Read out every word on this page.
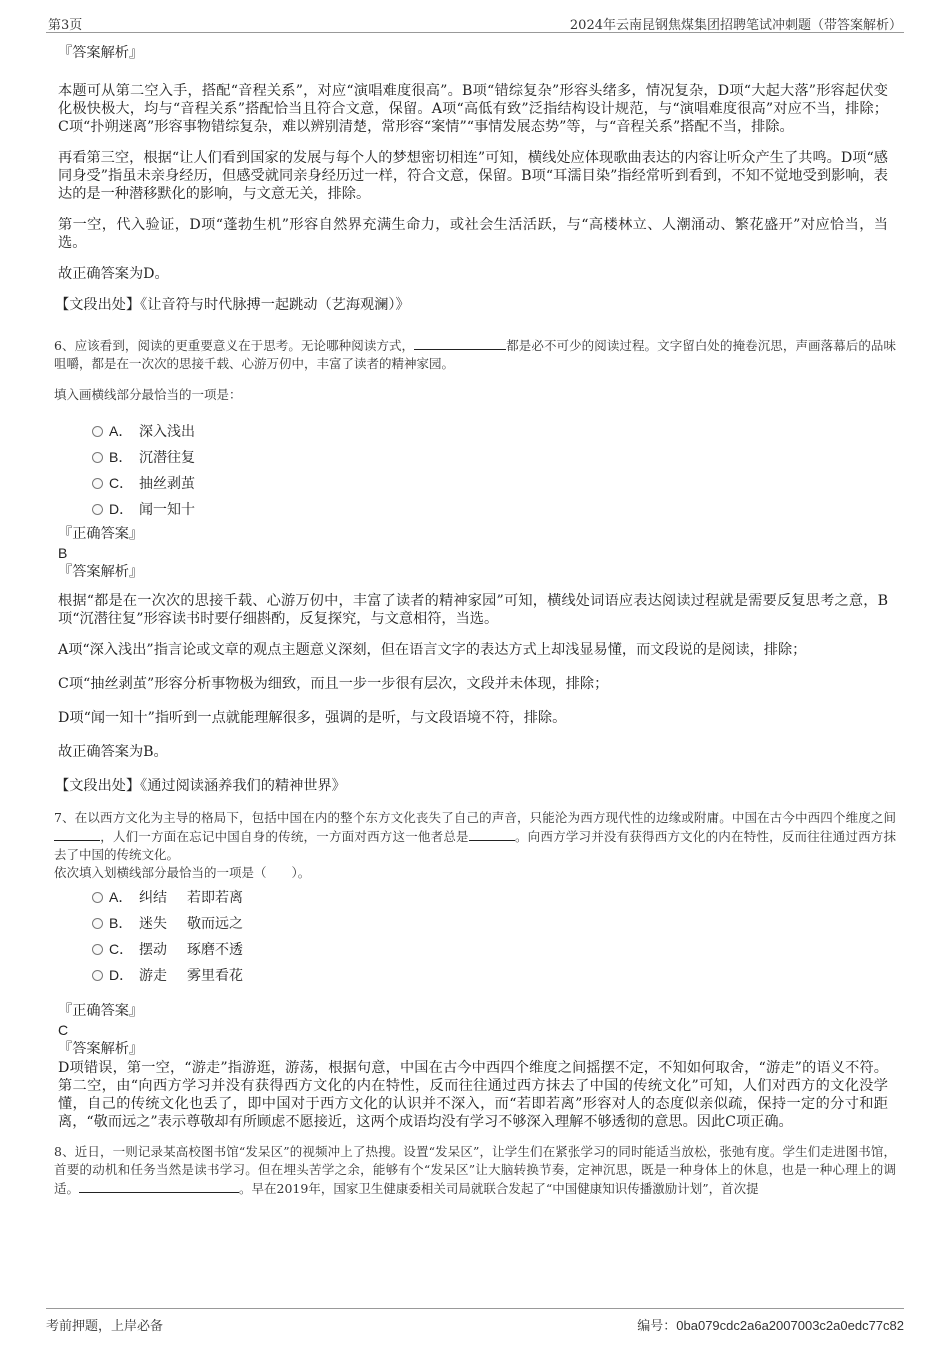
第3页	2024年云南昆钢焦煤集团招聘笔试冲刺题（带答案解析）

『答案解析』

本题可从第二空入手，搭配“音程关系”，对应“演唱难度很高”。B项“错综复杂”形容头绪多，情况复杂，D项“大起大落”形容起伏变化极快极大，均与“音程关系”搭配恰当且符合文意，保留。A项“高低有致”泛指结构设计规范，与“演唱难度很高”对应不当，排除；C项“扑朔迷离”形容事物错综复杂，难以辨别清楚，常形容“案情”“事情发展态势”等，与“音程关系”搭配不当，排除。

再看第三空，根据“让人们看到国家的发展与每个人的梦想密切相连”可知，横线处应体现歌曲表达的内容让听众产生了共鸣。D项“感同身受”指虽未亲身经历，但感受就同亲身经历过一样，符合文意，保留。B项“耳濡目染”指经常听到看到，不知不觉地受到影响，表达的是一种潜移默化的影响，与文意无关，排除。

第一空，代入验证，D项“蓬勃生机”形容自然界充满生命力，或社会生活活跃，与“高楼林立、人潮涌动、繁花盛开”对应恰当，当选。

故正确答案为D。

【文段出处】《让音符与时代脉搏一起跳动（艺海观澜）》

6、应该看到，阅读的更重要意义在于思考。无论哪种阅读方式，	都是必不可少的阅读过程。文字留白处的掩卷沉思，声画落幕后的品味咀嚼，都是在一次次的思接千载、心游万仞中，丰富了读者的精神家园。

填入画横线部分最恰当的一项是：

A． 深入浅出
B． 沉潜往复
C． 抽丝剥茧
D． 闻一知十

『正确答案』

B

『答案解析』

根据“都是在一次次的思接千载、心游万仞中，丰富了读者的精神家园”可知，横线处词语应表达阅读过程就是需要反复思考之意，B项“沉潜往复”形容读书时要仔细斟酌，反复探究，与文意相符，当选。

A项“深入浅出”指言论或文章的观点主题意义深刻，但在语言文字的表达方式上却浅显易懂，而文段说的是阅读，排除；

C项“抽丝剥茧”形容分析事物极为细致，而且一步一步很有层次，文段并未体现，排除；

D项“闻一知十”指听到一点就能理解很多，强调的是听，与文段语境不符，排除。

故正确答案为B。

【文段出处】《通过阅读涵养我们的精神世界》

7、在以西方文化为主导的格局下，包括中国在内的整个东方文化丧失了自己的声音，只能沦为西方现代性的边缘或附庸。中国在古今中西四个维度之间，人们一方面在忘记中国自身的传统，一方面对西方这一他者总是	。向西方学习并没有获得西方文化的内在特性，反而往往通过西方抹去了中国的传统文化。

依次填入划横线部分最恰当的一项是（　　）。

A． 纠结 若即若离
B． 迷失 敬而远之
C． 摆动 琢磨不透
D． 游走 雾里看花

『正确答案』

C

『答案解析』

D项错误，第一空，“游走”指游逛，游荡，根据句意，中国在古今中西四个维度之间摇摆不定，不知如何取舍，“游走”的语义不符。第二空，由“向西方学习并没有获得西方文化的内在特性，反而往往通过西方抹去了中国的传统文化”可知，人们对西方的文化没学懂，自己的传统文化也丢了，即中国对于西方文化的认识并不深入，而“若即若离”形容对人的态度似亲似疏，保持一定的分寸和距离，“敬而远之”表示尊敬却有所顾虑不愿接近，这两个成语均没有学习不够深入理解不够透彻的意思。因此C项正确。

8、近日，一则记录某高校图书馆“发呆区”的视频冲上了热搜。设置“发呆区”，让学生们在紧张学习的同时能适当放松，张弛有度。学生们走进图书馆，首要的动机和任务当然是读书学习。但在埋头苦学之余，能够有个“发呆区”让大脑转换节奏，定神沉思，既是一种身体上的休息，也是一种心理上的调适。	。早在2019年，国家卫生健康委相关司局就联合发起了“中国健康知识传播激励计划”，首次提

考前押题，上岸必备	编号：0ba079cdc2a6a2007003c2a0edc77c82
